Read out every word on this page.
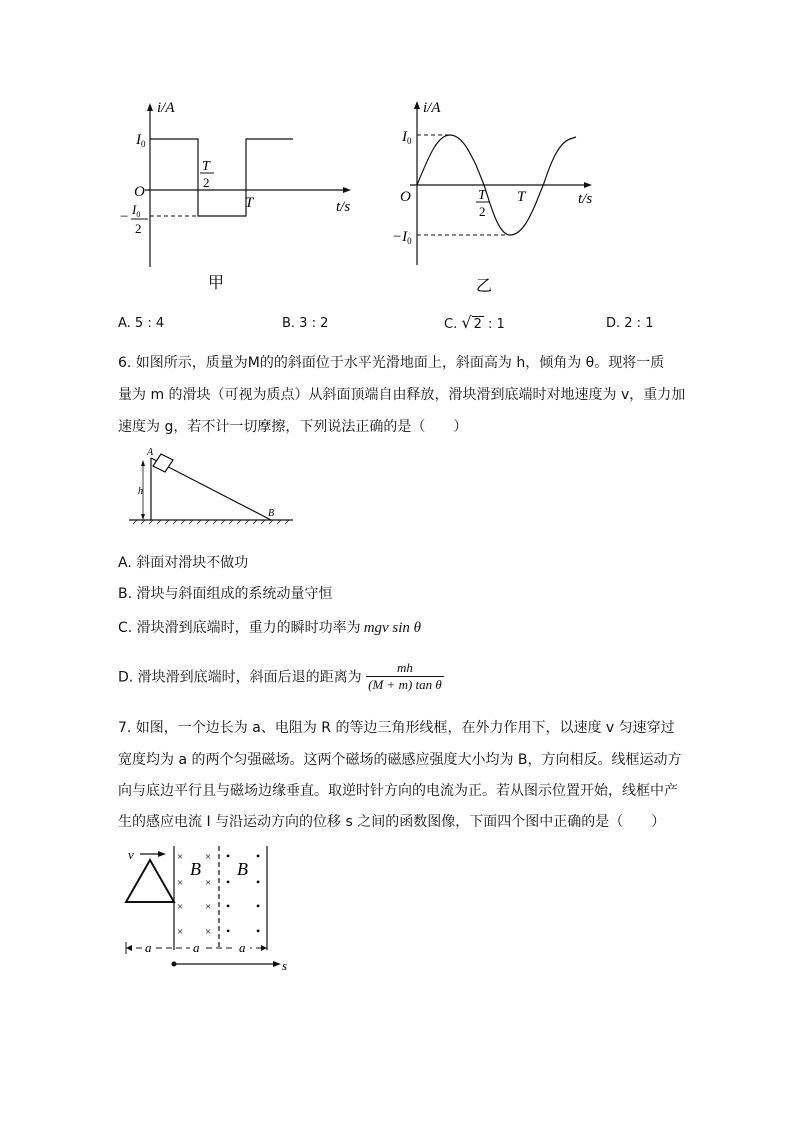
i/A
t/s
O
$I_0$
− $I_0$
2
T
2
T
甲
i/A
t/s
O
$I_0$
$-I_0$
T
2
T
乙
A. 5 : 4	B. 3 : 2	C. √ 2 : 1	D. 2 : 1
6. 如图所示，质量为M的的斜面位于水平光滑地面上，斜面高为 h，倾角为 θ。现将一质
量为 m 的滑块（可视为质点）从斜面顶端自由释放，滑块滑到底端时对地速度为 v，重力加
速度为 g，若不计一切摩擦，下列说法正确的是（　　）
h
A
B
A. 斜面对滑块不做功
B. 滑块与斜面组成的系统动量守恒
C. 滑块滑到底端时，重力的瞬时功率为 mgv sin θ
D. 滑块滑到底端时，斜面后退的距离为 $\frac{mh}{\text{(M + m) tan θ}}$
7. 如图，一个边长为 a、电阻为 R 的等边三角形线框，在外力作用下，以速度 v 匀速穿过
宽度均为 a 的两个匀强磁场。这两个磁场的磁感应强度大小均为 B，方向相反。线框运动方
向与底边平行且与磁场边缘垂直。取逆时针方向的电流为正。若从图示位置开始，线框中产
生的感应电流 I 与沿运动方向的位移 s 之间的函数图像，下面四个图中正确的是（　　）
v	× ×
× ×
× ×
× ×
B
• •
• •
• •
• •
B
a	a	a
s
